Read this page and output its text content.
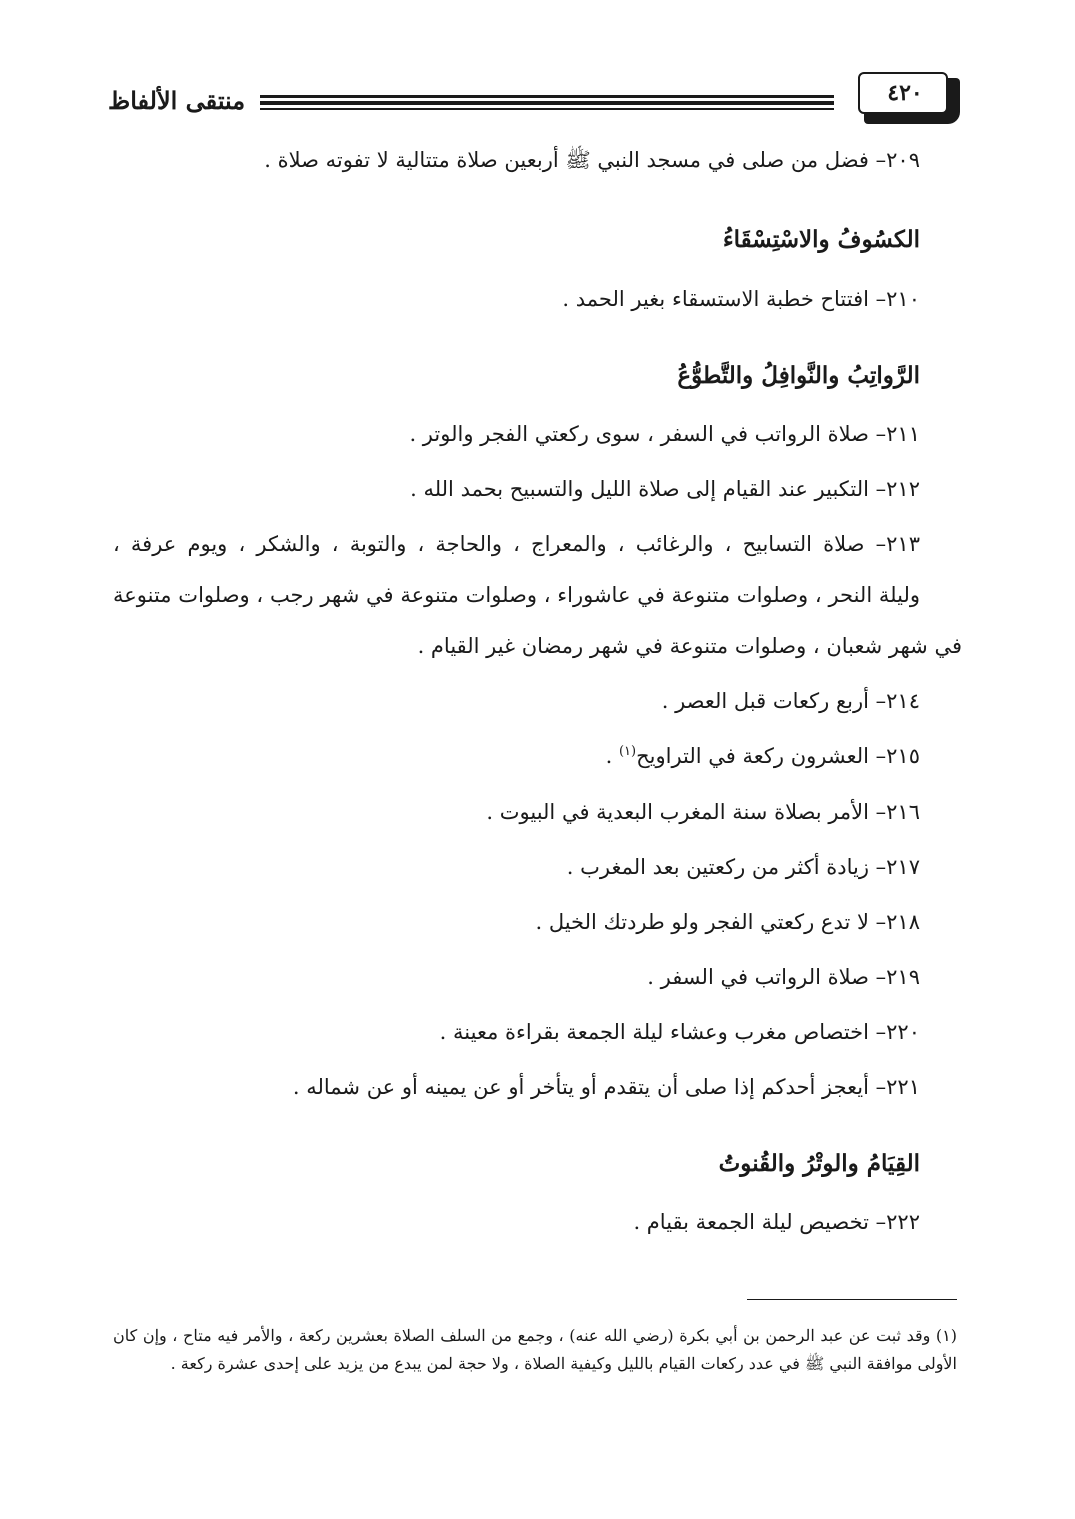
منتقى الألفاظ	٤٢٠
٢٠٩– فضل من صلى في مسجد النبي ﷺ أربعين صلاة متتالية لا تفوته صلاة .
الكسُوفُ والاسْتِسْقَاءُ
٢١٠– افتتاح خطبة الاستسقاء بغير الحمد .
الرَّواتِبُ والنَّوافِلُ والتَّطوُّعُ
٢١١– صلاة الرواتب في السفر ، سوى ركعتي الفجر والوتر .
٢١٢– التكبير عند القيام إلى صلاة الليل والتسبيح بحمد الله .
٢١٣– صلاة التسابيح ، والرغائب ، والمعراج ، والحاجة ، والتوبة ، والشكر ، ويوم عرفة ،
وليلة النحر ، وصلوات متنوعة في عاشوراء ، وصلوات متنوعة في شهر رجب ، وصلوات متنوعة
في شهر شعبان ، وصلوات متنوعة في شهر رمضان غير القيام .
٢١٤– أربع ركعات قبل العصر .
٢١٥– العشرون ركعة في التراويح$^{(١)}$ .
٢١٦– الأمر بصلاة سنة المغرب البعدية في البيوت .
٢١٧– زيادة أكثر من ركعتين بعد المغرب .
٢١٨– لا تدع ركعتي الفجر ولو طردتك الخيل .
٢١٩– صلاة الرواتب في السفر .
٢٢٠– اختصاص مغرب وعشاء ليلة الجمعة بقراءة معينة .
٢٢١– أيعجز أحدكم إذا صلى أن يتقدم أو يتأخر أو عن يمينه أو عن شماله .
القِيَامُ والوتْرُ والقُنوتُ
٢٢٢– تخصيص ليلة الجمعة بقيام .
(١) وقد ثبت عن عبد الرحمن بن أبي بكرة (رضي الله عنه) ، وجمع من السلف الصلاة بعشرين ركعة ، والأمر فيه متاح ، وإن كان الأولى موافقة النبي ﷺ في عدد ركعات القيام بالليل وكيفية الصلاة ، ولا حجة لمن يبدع من يزيد على إحدى عشرة ركعة .
